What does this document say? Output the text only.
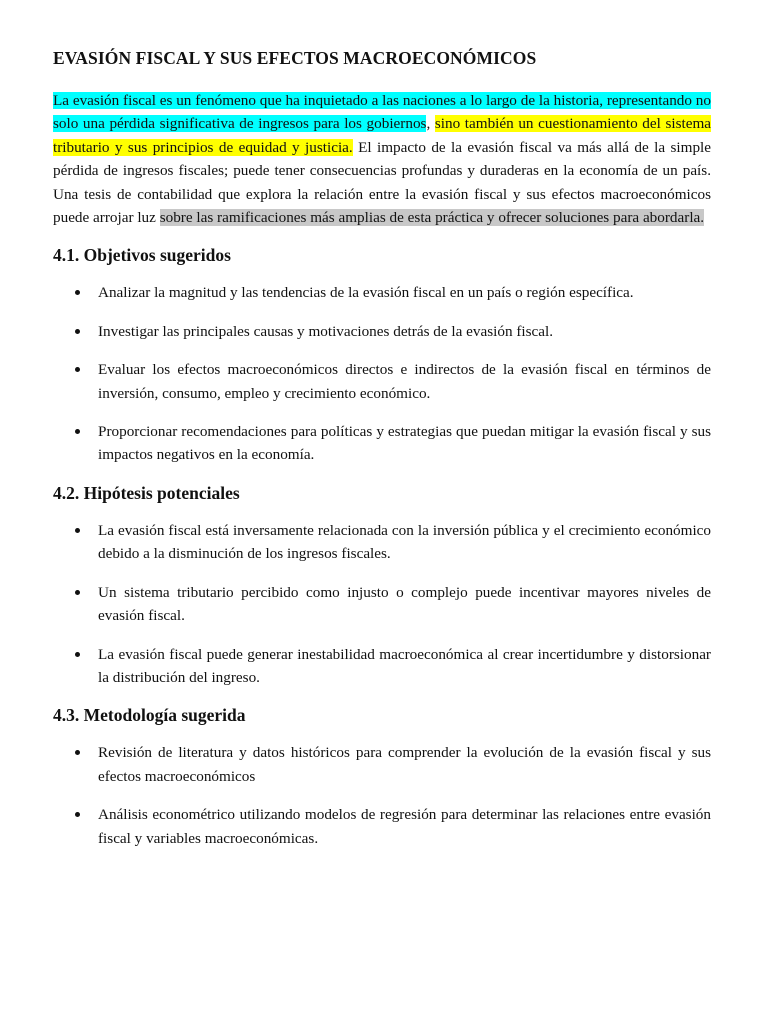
EVASIÓN FISCAL Y SUS EFECTOS MACROECONÓMICOS

La evasión fiscal es un fenómeno que ha inquietado a las naciones a lo largo de la historia, representando no solo una pérdida significativa de ingresos para los gobiernos, sino también un cuestionamiento del sistema tributario y sus principios de equidad y justicia. El impacto de la evasión fiscal va más allá de la simple pérdida de ingresos fiscales; puede tener consecuencias profundas y duraderas en la economía de un país. Una tesis de contabilidad que explora la relación entre la evasión fiscal y sus efectos macroeconómicos puede arrojar luz sobre las ramificaciones más amplias de esta práctica y ofrecer soluciones para abordarla.

4.1. Objetivos sugeridos
Analizar la magnitud y las tendencias de la evasión fiscal en un país o región específica.
Investigar las principales causas y motivaciones detrás de la evasión fiscal.
Evaluar los efectos macroeconómicos directos e indirectos de la evasión fiscal en términos de inversión, consumo, empleo y crecimiento económico.
Proporcionar recomendaciones para políticas y estrategias que puedan mitigar la evasión fiscal y sus impactos negativos en la economía.
4.2. Hipótesis potenciales
La evasión fiscal está inversamente relacionada con la inversión pública y el crecimiento económico debido a la disminución de los ingresos fiscales.
Un sistema tributario percibido como injusto o complejo puede incentivar mayores niveles de evasión fiscal.
La evasión fiscal puede generar inestabilidad macroeconómica al crear incertidumbre y distorsionar la distribución del ingreso.
4.3. Metodología sugerida
Revisión de literatura y datos históricos para comprender la evolución de la evasión fiscal y sus efectos macroeconómicos
Análisis econométrico utilizando modelos de regresión para determinar las relaciones entre evasión fiscal y variables macroeconómicas.
